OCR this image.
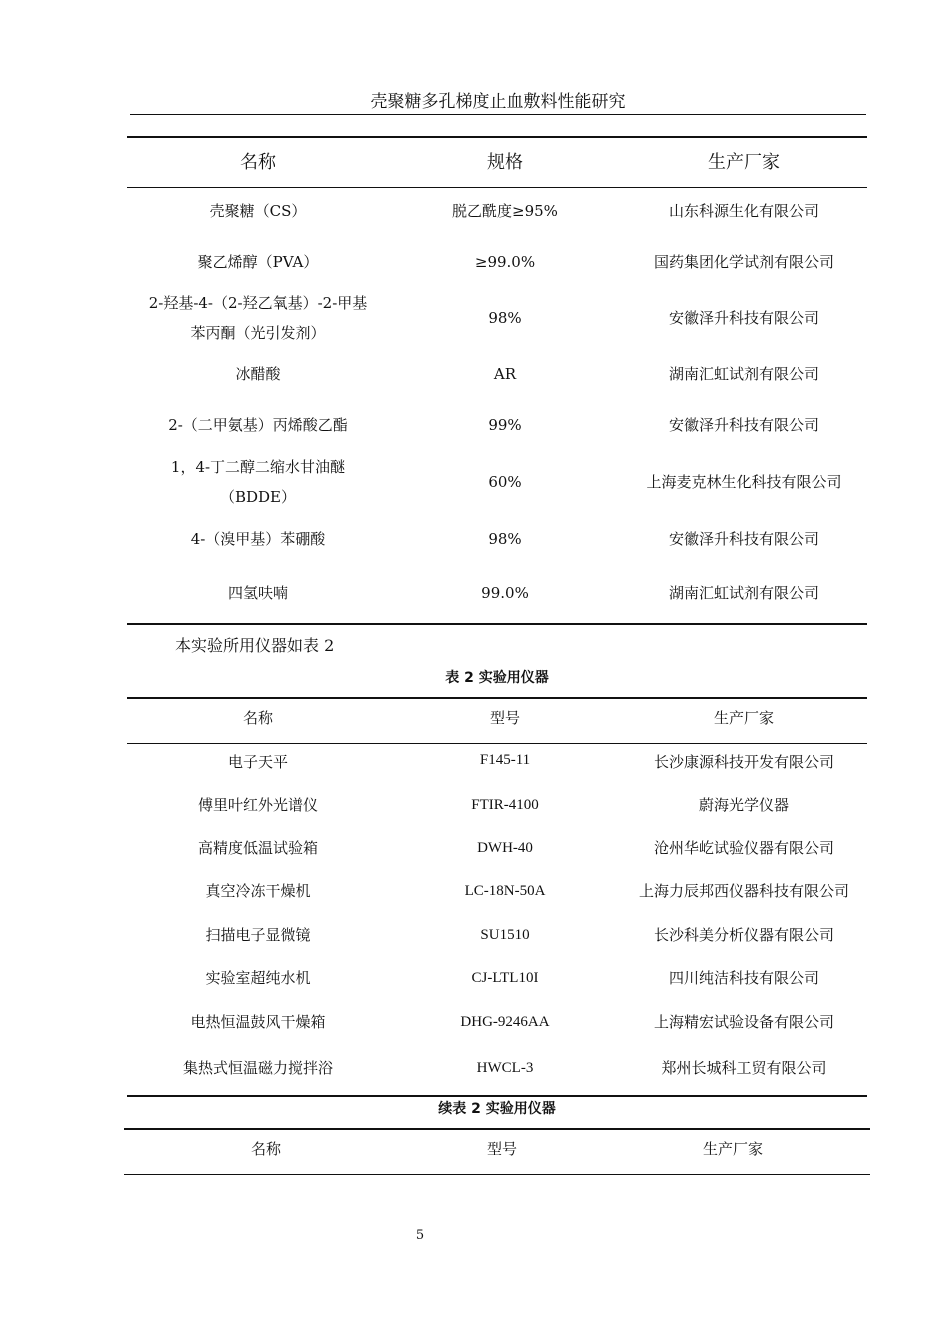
壳聚糖多孔梯度止血敷料性能研究
名称	规格	生产厂家
壳聚糖（CS）	脱乙酰度≥95%	山东科源生化有限公司
聚乙烯醇（PVA）	≥99.0%	国药集团化学试剂有限公司
2-羟基-4-（2-羟乙氧基）-2-甲基
苯丙酮（光引发剂）
98%	安徽泽升科技有限公司
冰醋酸	AR	湖南汇虹试剂有限公司
2-（二甲氨基）丙烯酸乙酯	99%	安徽泽升科技有限公司
1，4-丁二醇二缩水甘油醚
（BDDE）
60%	上海麦克林生化科技有限公司
4-（溴甲基）苯硼酸	98%	安徽泽升科技有限公司
四氢呋喃	99.0%	湖南汇虹试剂有限公司
本实验所用仪器如表 2
表 2 实验用仪器
名称	型号	生产厂家
电子天平	F145-11	长沙康源科技开发有限公司
傅里叶红外光谱仪	FTIR-4100	蔚海光学仪器
高精度低温试验箱	DWH-40	沧州华屹试验仪器有限公司
真空冷冻干燥机	LC-18N-50A	上海力辰邦西仪器科技有限公司
扫描电子显微镜	SU1510	长沙科美分析仪器有限公司
实验室超纯水机	CJ-LTL10I	四川纯洁科技有限公司
电热恒温鼓风干燥箱	DHG-9246AA	上海精宏试验设备有限公司
集热式恒温磁力搅拌浴	HWCL-3	郑州长城科工贸有限公司
续表 2 实验用仪器
名称	型号	生产厂家
5
